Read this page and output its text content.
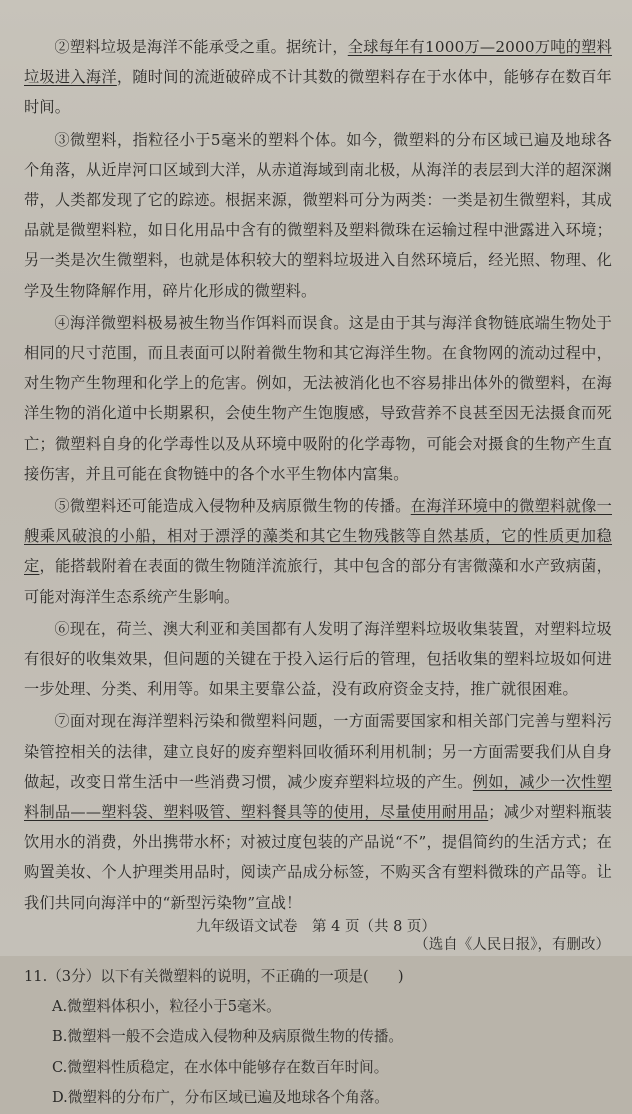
②塑料垃圾是海洋不能承受之重。据统计，全球每年有1000万—2000万吨的塑料垃圾进入海洋，随时间的流逝破碎成不计其数的微塑料存在于水体中，能够存在数百年时间。

③微塑料，指粒径小于5毫米的塑料个体。如今，微塑料的分布区域已遍及地球各个角落，从近岸河口区域到大洋，从赤道海域到南北极，从海洋的表层到大洋的超深渊带，人类都发现了它的踪迹。根据来源，微塑料可分为两类：一类是初生微塑料，其成品就是微塑料粒，如日化用品中含有的微塑料及塑料微珠在运输过程中泄露进入环境；另一类是次生微塑料，也就是体积较大的塑料垃圾进入自然环境后，经光照、物理、化学及生物降解作用，碎片化形成的微塑料。

④海洋微塑料极易被生物当作饵料而误食。这是由于其与海洋食物链底端生物处于相同的尺寸范围，而且表面可以附着微生物和其它海洋生物。在食物网的流动过程中，对生物产生物理和化学上的危害。例如，无法被消化也不容易排出体外的微塑料，在海洋生物的消化道中长期累积，会使生物产生饱腹感，导致营养不良甚至因无法摄食而死亡；微塑料自身的化学毒性以及从环境中吸附的化学毒物，可能会对摄食的生物产生直接伤害，并且可能在食物链中的各个水平生物体内富集。

⑤微塑料还可能造成入侵物种及病原微生物的传播。在海洋环境中的微塑料就像一艘乘风破浪的小船，相对于漂浮的藻类和其它生物残骸等自然基质，它的性质更加稳定，能搭载附着在表面的微生物随洋流旅行，其中包含的部分有害微藻和水产致病菌，可能对海洋生态系统产生影响。

⑥现在，荷兰、澳大利亚和美国都有人发明了海洋塑料垃圾收集装置，对塑料垃圾有很好的收集效果，但问题的关键在于投入运行后的管理，包括收集的塑料垃圾如何进一步处理、分类、利用等。如果主要靠公益，没有政府资金支持，推广就很困难。

⑦面对现在海洋塑料污染和微塑料问题，一方面需要国家和相关部门完善与塑料污染管控相关的法律，建立良好的废弃塑料回收循环利用机制；另一方面需要我们从自身做起，改变日常生活中一些消费习惯，减少废弃塑料垃圾的产生。例如，减少一次性塑料制品——塑料袋、塑料吸管、塑料餐具等的使用，尽量使用耐用品；减少对塑料瓶装饮用水的消费，外出携带水杯；对被过度包装的产品说“不”，提倡简约的生活方式；在购置美妆、个人护理类用品时，阅读产品成分标签，不购买含有塑料微珠的产品等。让我们共同向海洋中的“新型污染物”宣战！

（选自《人民日报》，有删改）
11.（3分）以下有关微塑料的说明，不正确的一项是(　　)
A.微塑料体积小，粒径小于5毫米。
B.微塑料一般不会造成入侵物种及病原微生物的传播。
C.微塑料性质稳定，在水体中能够存在数百年时间。
D.微塑料的分布广，分布区域已遍及地球各个角落。
九年级语文试卷　第 4 页（共 8 页）
